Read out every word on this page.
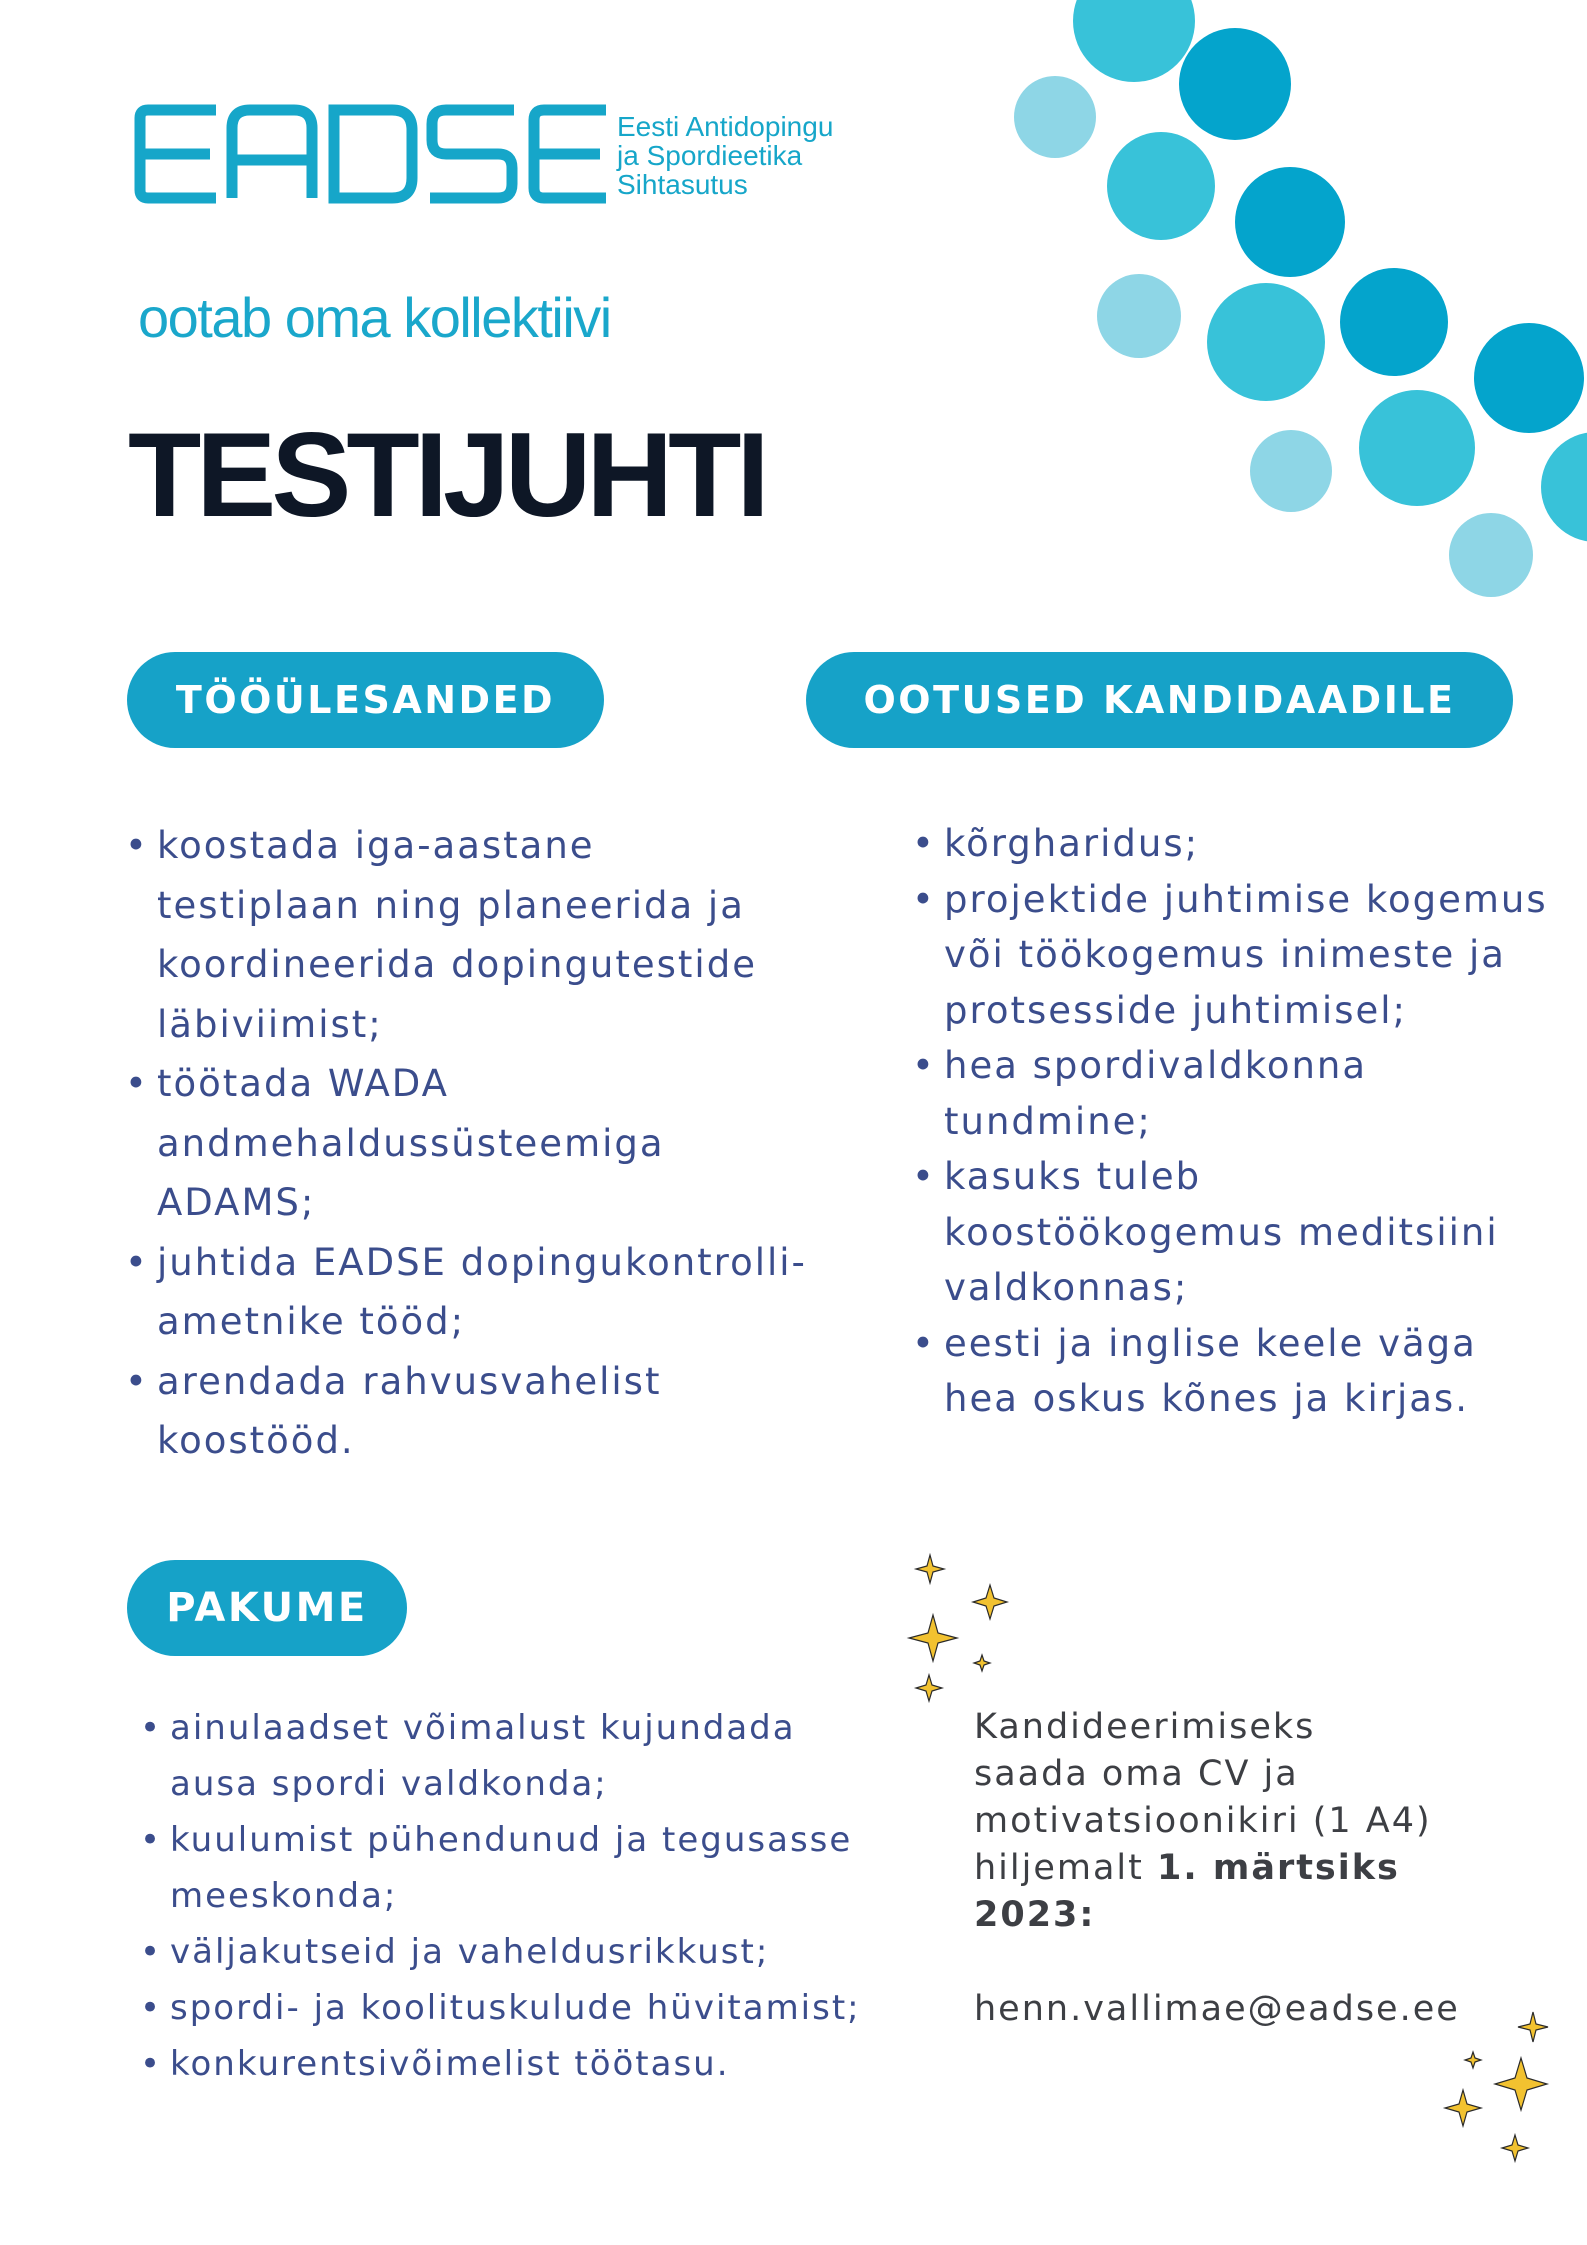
Eesti Antidopingu
ja Spordieetika
Sihtasutus
ootab oma kollektiivi
TESTIJUHTI
TÖÖÜLESANDED	OOTUSED KANDIDAADILE
PAKUME
• koostada iga-aastane
testiplaan ning planeerida ja
koordineerida dopingutestide
läbiviimist;
• töötada WADA
andmehaldussüsteemiga
ADAMS;
• juhtida EADSE dopingukontrolli-
ametnike tööd;
• arendada rahvusvahelist
koostööd.
• kõrgharidus;
• projektide juhtimise kogemus
või töökogemus inimeste ja
protsesside juhtimisel;
• hea spordivaldkonna
tundmine;
• kasuks tuleb
koostöökogemus meditsiini
valdkonnas;
• eesti ja inglise keele väga
hea oskus kõnes ja kirjas.
• ainulaadset võimalust kujundada
ausa spordi valdkonda;
• kuulumist pühendunud ja tegusasse
meeskonda;
• väljakutseid ja vaheldusrikkust;
• spordi- ja koolituskulude hüvitamist;
• konkurentsivõimelist töötasu.
Kandideerimiseks
saada oma CV ja
motivatsioonikiri (1 A4)
hiljemalt 1. märtsiks
2023:
henn.vallimae@eadse.ee
